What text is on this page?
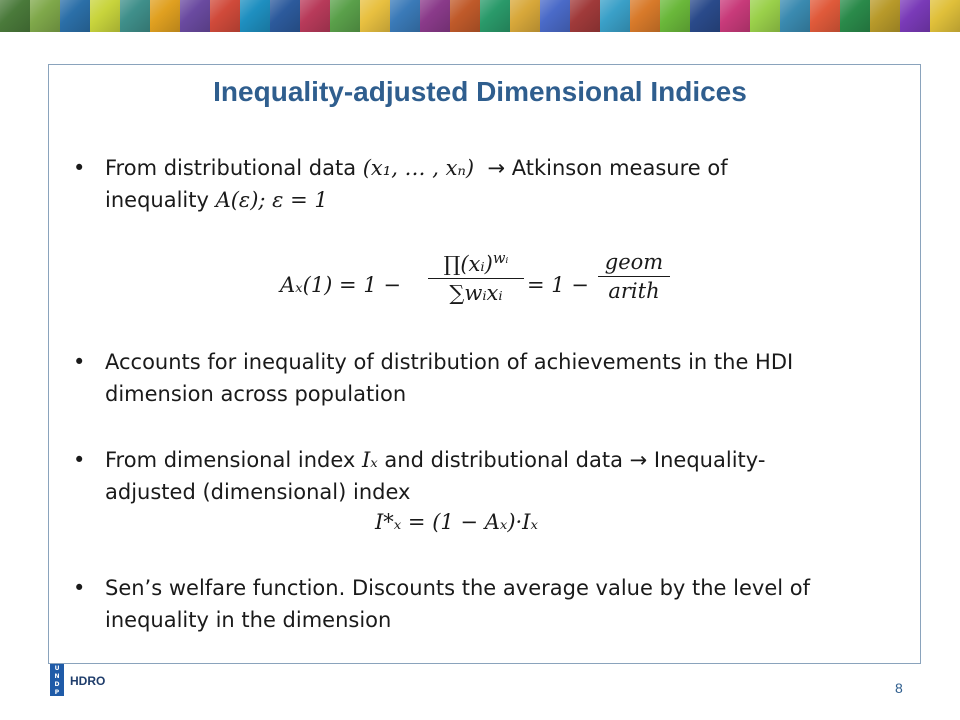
Inequality-adjusted Dimensional Indices
• From distributional data (x₁, … , xₙ) → Atkinson measure of
inequality A(ε); ε = 1
Aₓ(1) = 1 −
∏(xᵢ)$^{wᵢ}$
∑wᵢxᵢ	= 1 −
geom
arith
• Accounts for inequality of distribution of achievements in the HDI
dimension across population
• From dimensional index Iₓ and distributional data → Inequality-
adjusted (dimensional) index
I*ₓ = (1 − Aₓ)·Iₓ
• Sen’s welfare function. Discounts the average value by the level of
inequality in the dimension
U
N
D
P
HDRO	8
